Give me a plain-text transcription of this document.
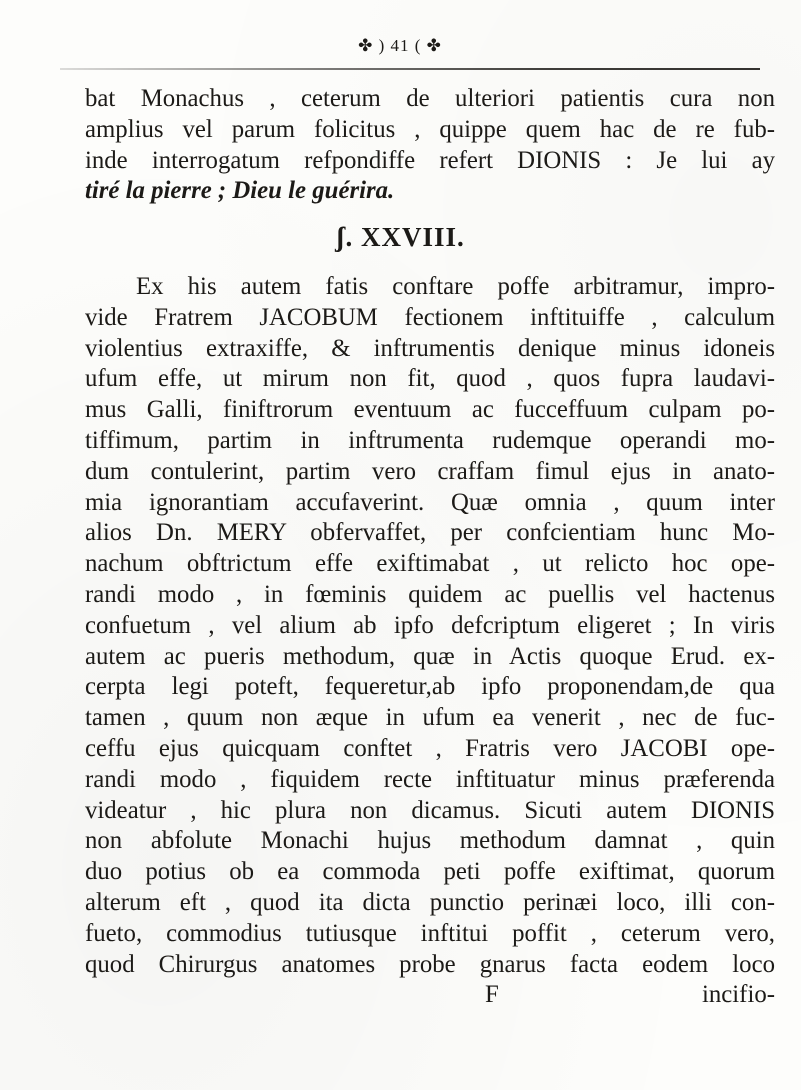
✤ ) 41 ( ✤
bat Monachus , ceterum de ulteriori patientis cura non
amplius vel parum folicitus , quippe quem hac de re fub-
inde interrogatum refpondiffe refert DIONIS : Je lui ay
tiré la pierre ; Dieu le guérira.
ʃ. XXVIII.
Ex his autem fatis conftare poffe arbitramur, impro-
vide Fratrem JACOBUM fectionem inftituiffe , calculum
violentius extraxiffe, & inftrumentis denique minus idoneis
ufum effe, ut mirum non fit, quod , quos fupra laudavi-
mus Galli, finiftrorum eventuum ac fucceffuum culpam po-
tiffimum, partim in inftrumenta rudemque operandi mo-
dum contulerint, partim vero craffam fimul ejus in anato-
mia ignorantiam accufaverint. Quæ omnia , quum inter
alios Dn. MERY obfervaffet, per confcientiam hunc Mo-
nachum obftrictum effe exiftimabat , ut relicto hoc ope-
randi modo , in fœminis quidem ac puellis vel hactenus
confuetum , vel alium ab ipfo defcriptum eligeret ; In viris
autem ac pueris methodum, quæ in Actis quoque Erud. ex-
cerpta legi poteft, fequeretur,ab ipfo proponendam,de qua
tamen , quum non æque in ufum ea venerit , nec de fuc-
ceffu ejus quicquam conftet , Fratris vero JACOBI ope-
randi modo , fiquidem recte inftituatur minus præferenda
videatur , hic plura non dicamus. Sicuti autem DIONIS
non abfolute Monachi hujus methodum damnat , quin
duo potius ob ea commoda peti poffe exiftimat, quorum
alterum eft , quod ita dicta punctio perinæi loco, illi con-
fueto, commodius tutiusque inftitui poffit , ceterum vero,
quod Chirurgus anatomes probe gnarus facta eodem loco
F	incifio-
